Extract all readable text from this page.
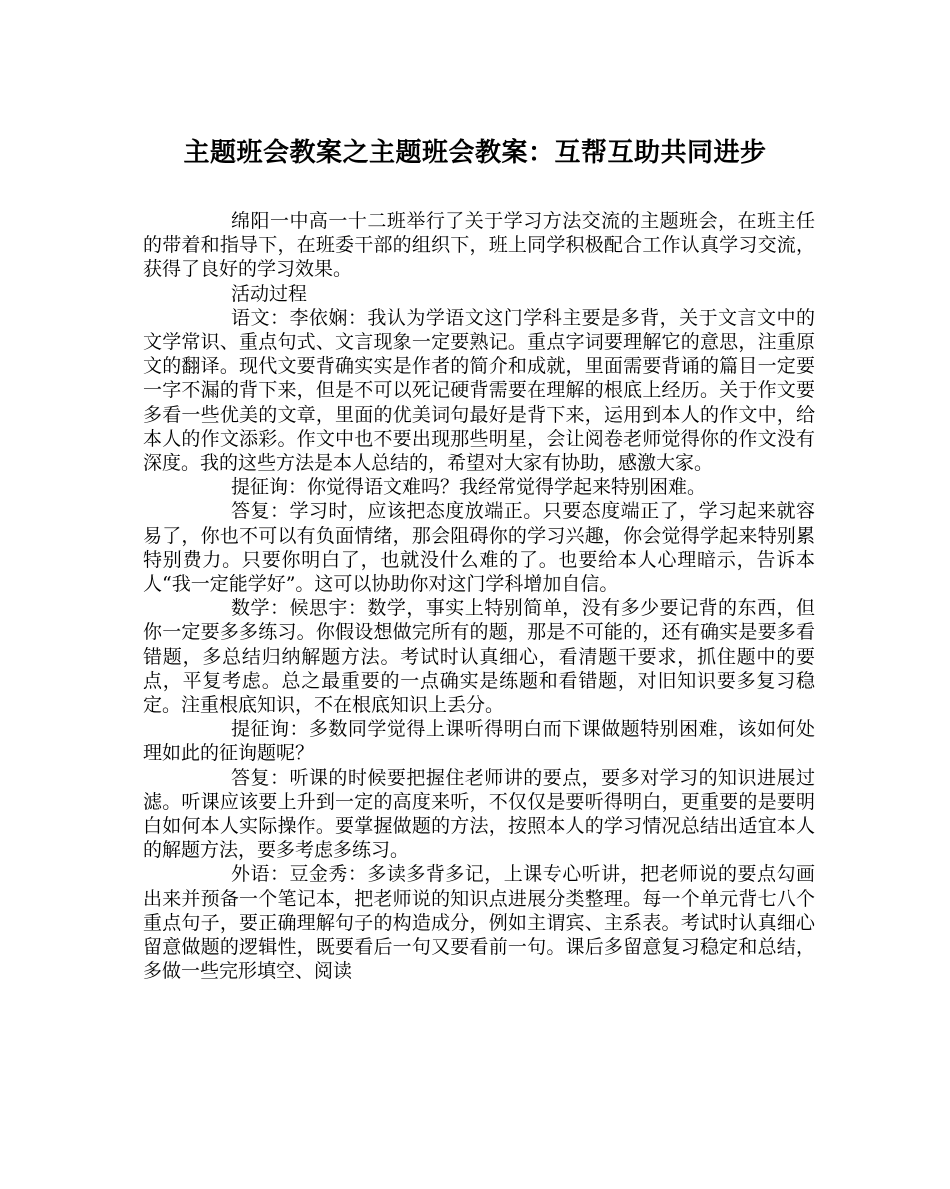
主题班会教案之主题班会教案：互帮互助共同进步

绵阳一中高一十二班举行了关于学习方法交流的主题班会，在班主任的带着和指导下，在班委干部的组织下，班上同学积极配合工作认真学习交流，获得了良好的学习效果。

活动过程

语文：李依娴：我认为学语文这门学科主要是多背，关于文言文中的文学常识、重点句式、文言现象一定要熟记。重点字词要理解它的意思，注重原文的翻译。现代文要背确实实是作者的简介和成就，里面需要背诵的篇目一定要一字不漏的背下来，但是不可以死记硬背需要在理解的根底上经历。关于作文要多看一些优美的文章，里面的优美词句最好是背下来，运用到本人的作文中，给本人的作文添彩。作文中也不要出现那些明星，会让阅卷老师觉得你的作文没有深度。我的这些方法是本人总结的，希望对大家有协助，感激大家。

提征询：你觉得语文难吗？我经常觉得学起来特别困难。

答复：学习时，应该把态度放端正。只要态度端正了，学习起来就容易了，你也不可以有负面情绪，那会阻碍你的学习兴趣，你会觉得学起来特别累特别费力。只要你明白了，也就没什么难的了。也要给本人心理暗示，告诉本人“我一定能学好”。这可以协助你对这门学科增加自信。

数学：候思宇：数学，事实上特别简单，没有多少要记背的东西，但你一定要多多练习。你假设想做完所有的题，那是不可能的，还有确实是要多看错题，多总结归纳解题方法。考试时认真细心，看清题干要求，抓住题中的要点，平复考虑。总之最重要的一点确实是练题和看错题，对旧知识要多复习稳定。注重根底知识，不在根底知识上丢分。

提征询：多数同学觉得上课听得明白而下课做题特别困难，该如何处理如此的征询题呢？

答复：听课的时候要把握住老师讲的要点，要多对学习的知识进展过滤。听课应该要上升到一定的高度来听，不仅仅是要听得明白，更重要的是要明白如何本人实际操作。要掌握做题的方法，按照本人的学习情况总结出适宜本人的解题方法，要多考虑多练习。

外语：豆金秀：多读多背多记，上课专心听讲，把老师说的要点勾画出来并预备一个笔记本，把老师说的知识点进展分类整理。每一个单元背七八个重点句子，要正确理解句子的构造成分，例如主谓宾、主系表。考试时认真细心留意做题的逻辑性，既要看后一句又要看前一句。课后多留意复习稳定和总结，多做一些完形填空、阅读
